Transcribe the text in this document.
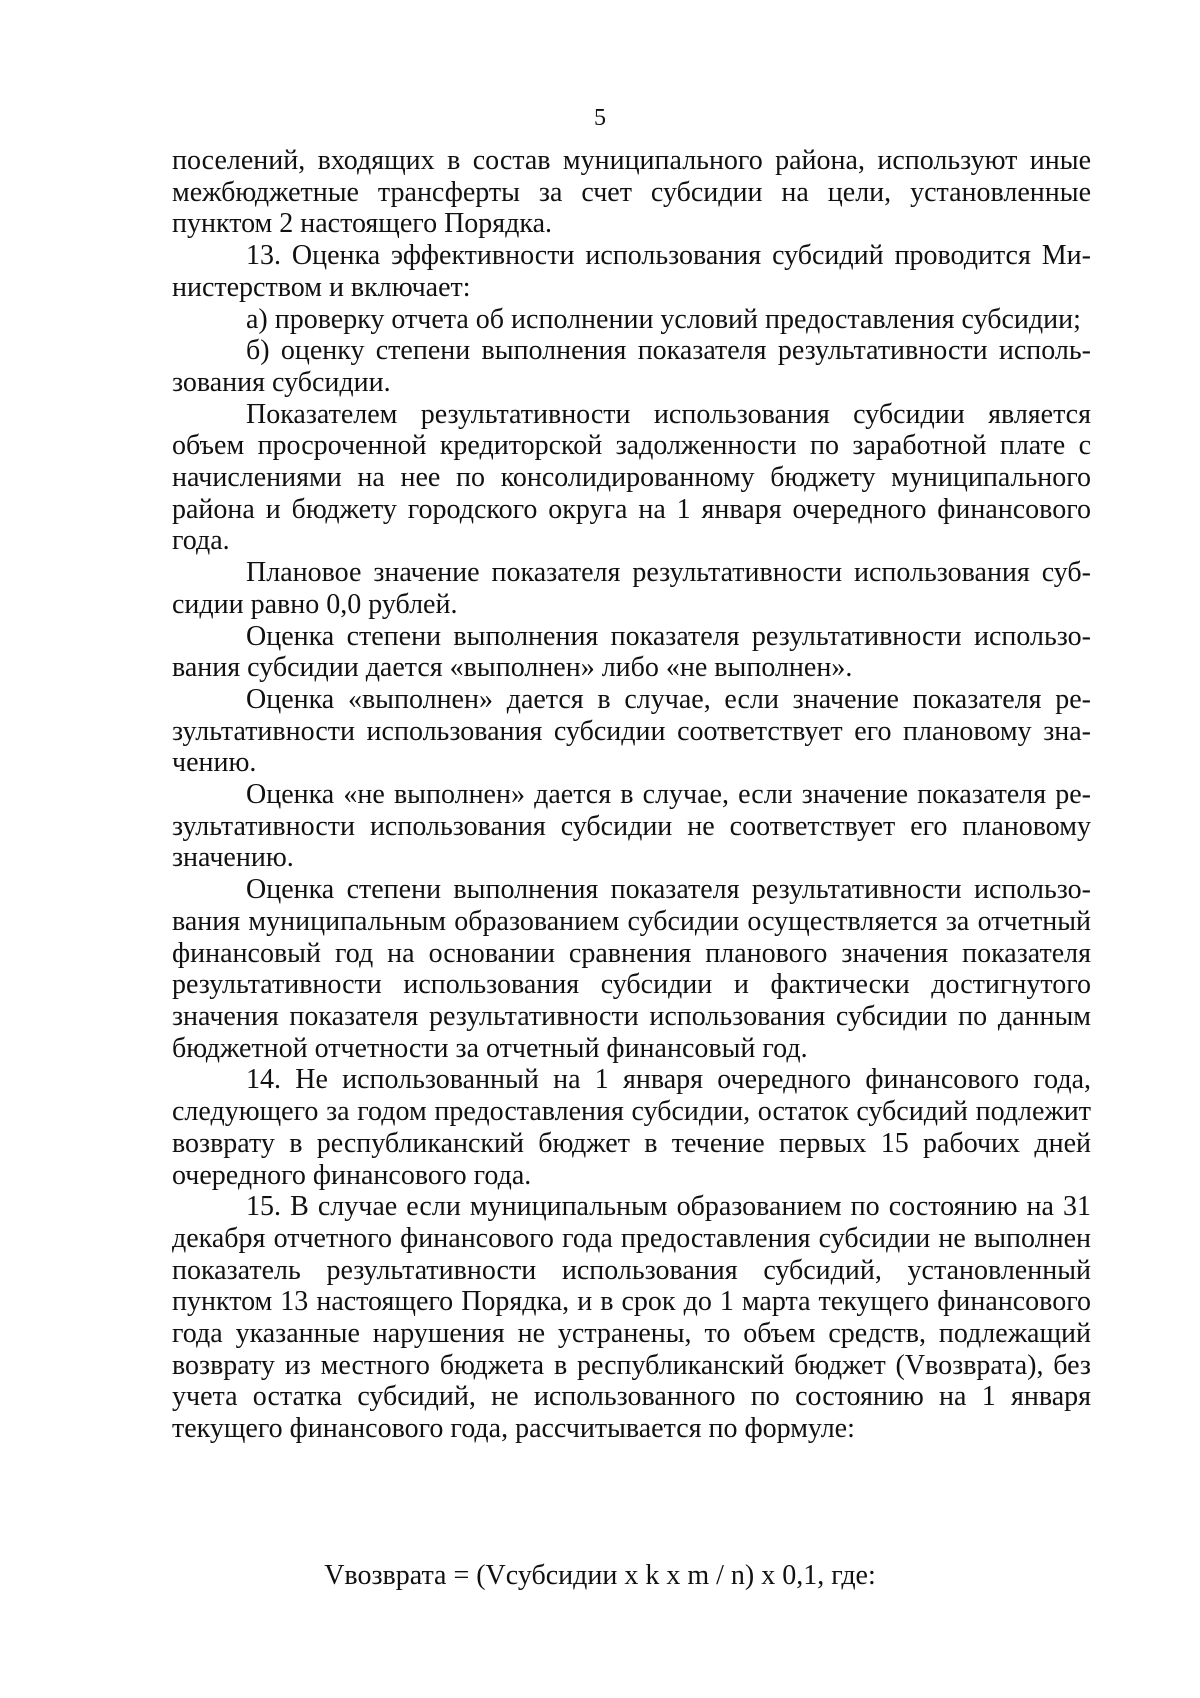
5

поселений, входящих в состав муниципального района, используют иные межбюджетные трансферты за счет субсидии на цели, установленные пунктом 2 настоящего Порядка.

13. Оценка эффективности использования субсидий проводится Министерством и включает:

а) проверку отчета об исполнении условий предоставления субсидии;

б) оценку степени выполнения показателя результативности использования субсидии.

Показателем результативности использования субсидии является объем просроченной кредиторской задолженности по заработной плате с начислениями на нее по консолидированному бюджету муниципального района и бюджету городского округа на 1 января очередного финансового года.

Плановое значение показателя результативности использования субсидии равно 0,0 рублей.

Оценка степени выполнения показателя результативности использования субсидии дается «выполнен» либо «не выполнен».

Оценка «выполнен» дается в случае, если значение показателя результативности использования субсидии соответствует его плановому значению.

Оценка «не выполнен» дается в случае, если значение показателя результативности использования субсидии не соответствует его плановому значению.

Оценка степени выполнения показателя результативности использования муниципальным образованием субсидии осуществляется за отчетный финансовый год на основании сравнения планового значения показателя результативности использования субсидии и фактически достигнутого значения показателя результативности использования субсидии по данным бюджетной отчетности за отчетный финансовый год.

14. Не использованный на 1 января очередного финансового года, следующего за годом предоставления субсидии, остаток субсидий подлежит возврату в республиканский бюджет в течение первых 15 рабочих дней очередного финансового года.

15. В случае если муниципальным образованием по состоянию на 31 декабря отчетного финансового года предоставления субсидии не выполнен показатель результативности использования субсидий, установленный пунктом 13 настоящего Порядка, и в срок до 1 марта текущего финансового года указанные нарушения не устранены, то объем средств, подлежащий возврату из местного бюджета в республиканский бюджет (Vвозврата), без учета остатка субсидий, не использованного по состоянию на 1 января текущего финансового года, рассчитывается по формуле:

Vвозврата = (Vсубсидии x k x m / n) x 0,1, где:
